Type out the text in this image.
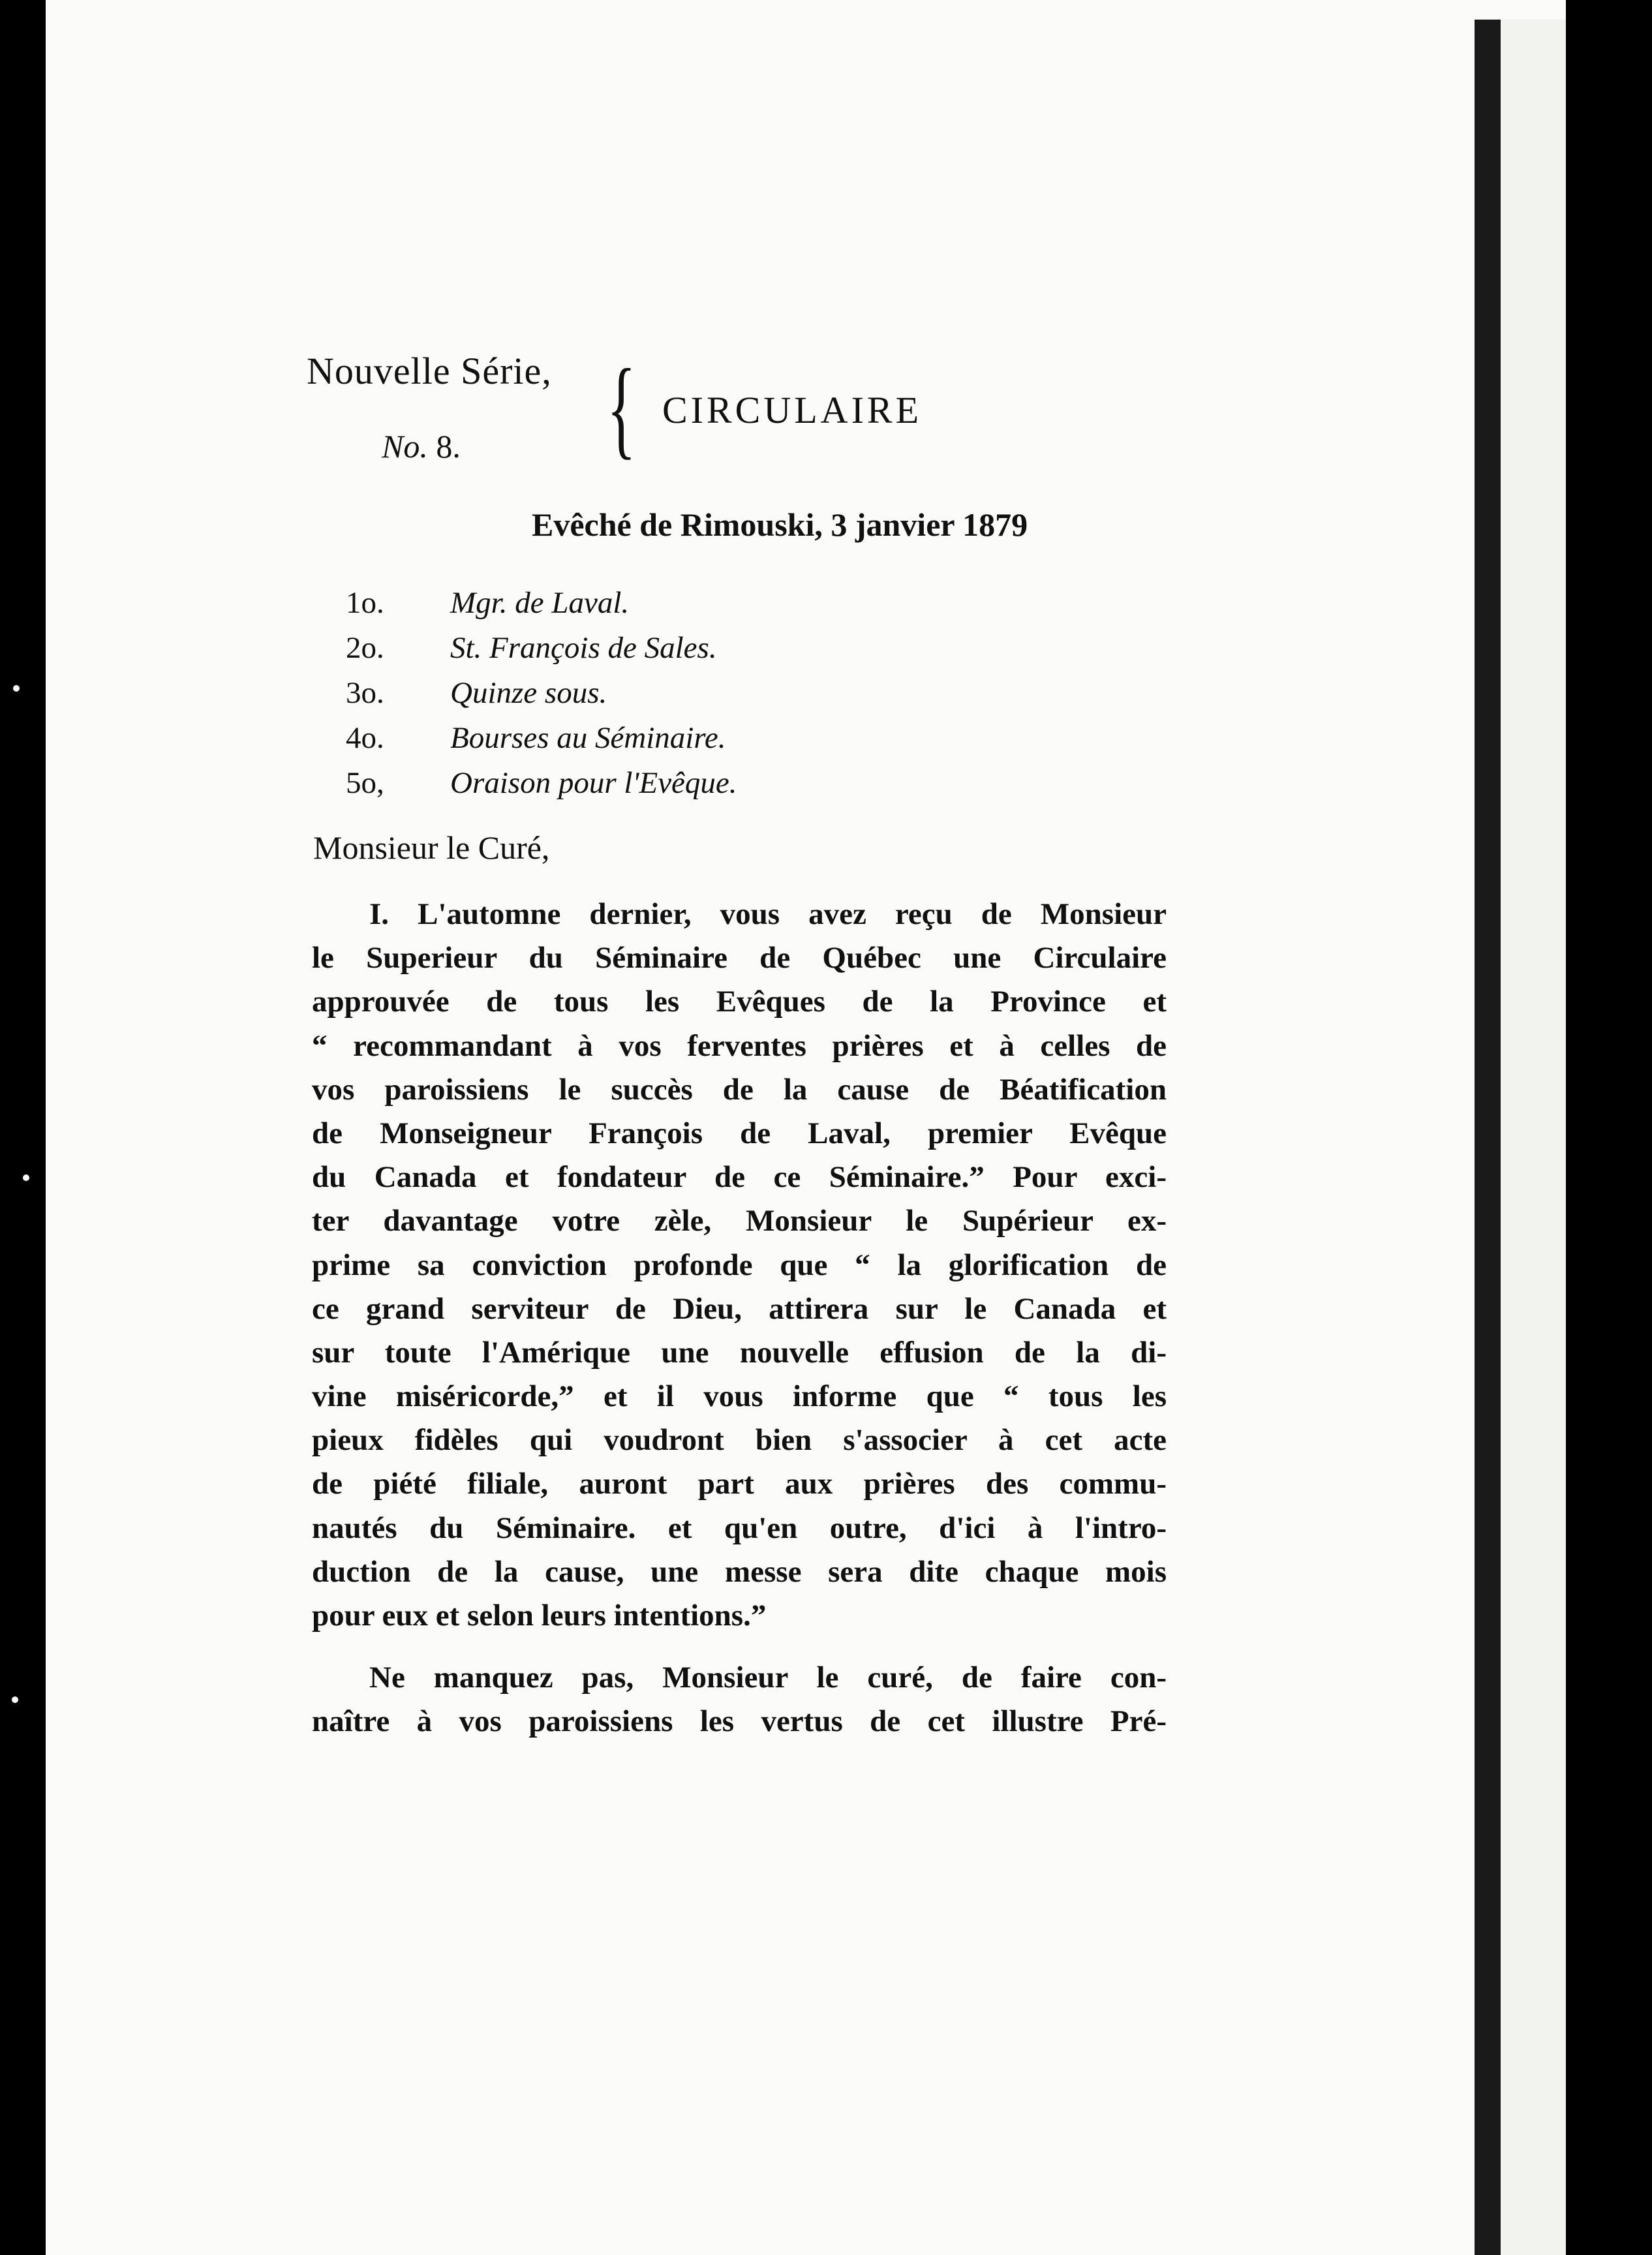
Nouvelle Série,
No. 8. { CIRCULAIRE
Evêché de Rimouski, 3 janvier 1879
1o. Mgr. de Laval.
2o. St. François de Sales.
3o. Quinze sous.
4o. Bourses au Séminaire.
5o, Oraison pour l'Evêque.
Monsieur le Curé,
I. L'automne dernier, vous avez reçu de Monsieur
le Superieur du Séminaire de Québec une Circulaire
approuvée de tous les Evêques de la Province et
“ recommandant à vos ferventes prières et à celles de
vos paroissiens le succès de la cause de Béatification
de Monseigneur François de Laval, premier Evêque
du Canada et fondateur de ce Séminaire.” Pour exci-
ter davantage votre zèle, Monsieur le Supérieur ex-
prime sa conviction profonde que “ la glorification de
ce grand serviteur de Dieu, attirera sur le Canada et
sur toute l'Amérique une nouvelle effusion de la di-
vine miséricorde,” et il vous informe que “ tous les
pieux fidèles qui voudront bien s'associer à cet acte
de piété filiale, auront part aux prières des commu-
nautés du Séminaire. et qu'en outre, d'ici à l'intro-
duction de la cause, une messe sera dite chaque mois
pour eux et selon leurs intentions.”
Ne manquez pas, Monsieur le curé, de faire con-
naître à vos paroissiens les vertus de cet illustre Pré-
